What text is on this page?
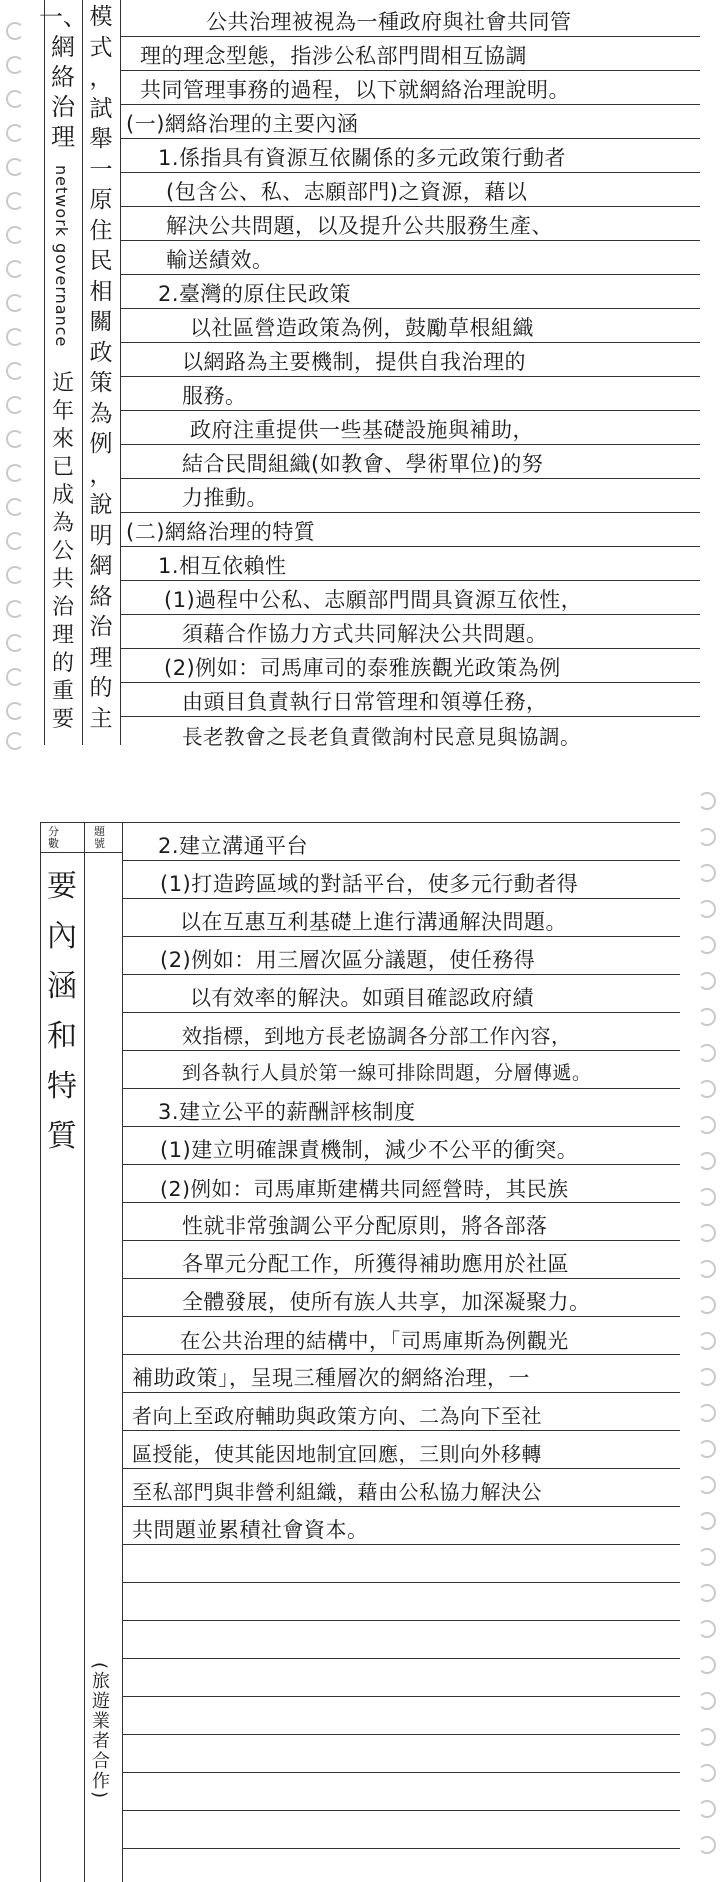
一、
網
絡
治
理
network governance
近
年
來
已
成
為
公
共
治
理
的
重
要
模
式
，
試
舉
一
原
住
民
相
關
政
策
為
例
，
說
明
網
絡
治
理
的
主
公共治理被視為一種政府與社會共同管
理的理念型態，指涉公私部門間相互協調
共同管理事務的過程，以下就網絡治理說明。
(一)網絡治理的主要內涵
1.係指具有資源互依關係的多元政策行動者
(包含公、私、志願部門)之資源，藉以
解決公共問題，以及提升公共服務生產、
輸送績效。
2.臺灣的原住民政策
以社區營造政策為例，鼓勵草根組織
以網路為主要機制，提供自我治理的
服務。
政府注重提供一些基礎設施與補助，
結合民間組織(如教會、學術單位)的努
力推動。
(二)網絡治理的特質
1.相互依賴性
(1)過程中公私、志願部門間具資源互依性，
須藉合作協力方式共同解決公共問題。
(2)例如：司馬庫司的泰雅族觀光政策為例
由頭目負責執行日常管理和領導任務，
長老教會之長老負責徵詢村民意見與協調。
分數
題號
要
內
涵
和
特
質
(旅遊業者合作)
2.建立溝通平台
(1)打造跨區域的對話平台，使多元行動者得
以在互惠互利基礎上進行溝通解決問題。
(2)例如：用三層次區分議題，使任務得
以有效率的解決。如頭目確認政府績
效指標，到地方長老協調各分部工作內容，
到各執行人員於第一線可排除問題，分層傳遞。
3.建立公平的薪酬評核制度
(1)建立明確課責機制，減少不公平的衝突。
(2)例如：司馬庫斯建構共同經營時，其民族
性就非常強調公平分配原則，將各部落
各單元分配工作，所獲得補助應用於社區
全體發展，使所有族人共享，加深凝聚力。
在公共治理的結構中，「司馬庫斯為例觀光
補助政策」，呈現三種層次的網絡治理，一
者向上至政府輔助與政策方向、二為向下至社
區授能，使其能因地制宜回應，三則向外移轉
至私部門與非營利組織，藉由公私協力解決公
共問題並累積社會資本。
